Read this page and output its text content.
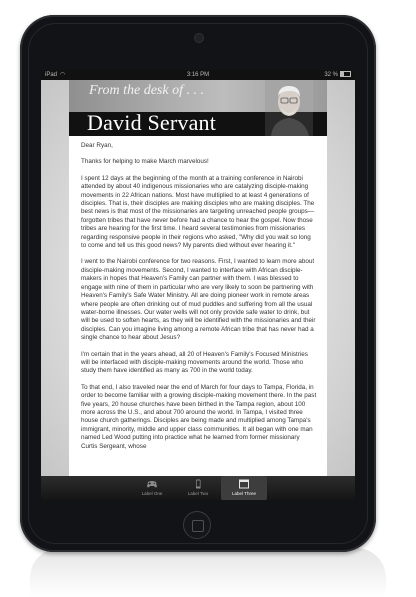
iPad ◠	3:16 PM	32 %
From the desk of . . .
David Servant

Dear Ryan,

Thanks for helping to make March marvelous!

I spent 12 days at the beginning of the month at a training conference in Nairobi attended by about 40 indigenous missionaries who are catalyzing disciple-making movements in 22 African nations. Most have multiplied to at least 4 generations of disciples. That is, their disciples are making disciples who are making disciples. The best news is that most of the missionaries are targeting unreached people groups—forgotten tribes that have never before had a chance to hear the gospel. Now those tribes are hearing for the first time. I heard several testimonies from missionaries regarding responsive people in their regions who asked, "Why did you wait so long to come and tell us this good news? My parents died without ever hearing it."

I went to the Nairobi conference for two reasons. First, I wanted to learn more about disciple-making movements. Second, I wanted to interface with African disciple-makers in hopes that Heaven's Family can partner with them. I was blessed to engage with nine of them in particular who are very likely to soon be partnering with Heaven's Family's Safe Water Ministry. All are doing pioneer work in remote areas where people are often drinking out of mud puddles and suffering from all the usual water-borne illnesses. Our water wells will not only provide safe water to drink, but will be used to soften hearts, as they will be identified with the missionaries and their disciples. Can you imagine living among a remote African tribe that has never had a single chance to hear about Jesus?

I'm certain that in the years ahead, all 20 of Heaven's Family's Focused Ministries will be interfaced with disciple-making movements around the world. Those who study them have identified as many as 700 in the world today.

To that end, I also traveled near the end of March for four days to Tampa, Florida, in order to become familiar with a growing disciple-making movement there. In the past five years, 20 house churches have been birthed in the Tampa region, about 100 more across the U.S., and about 700 around the world. In Tampa, I visited three house church gatherings. Disciples are being made and multiplied among Tampa's immigrant, minority, middle and upper class communities. It all began with one man named Led Wood putting into practice what he learned from former missionary Curtis Sergeant, whose

Label One	Label Two	Label Three
